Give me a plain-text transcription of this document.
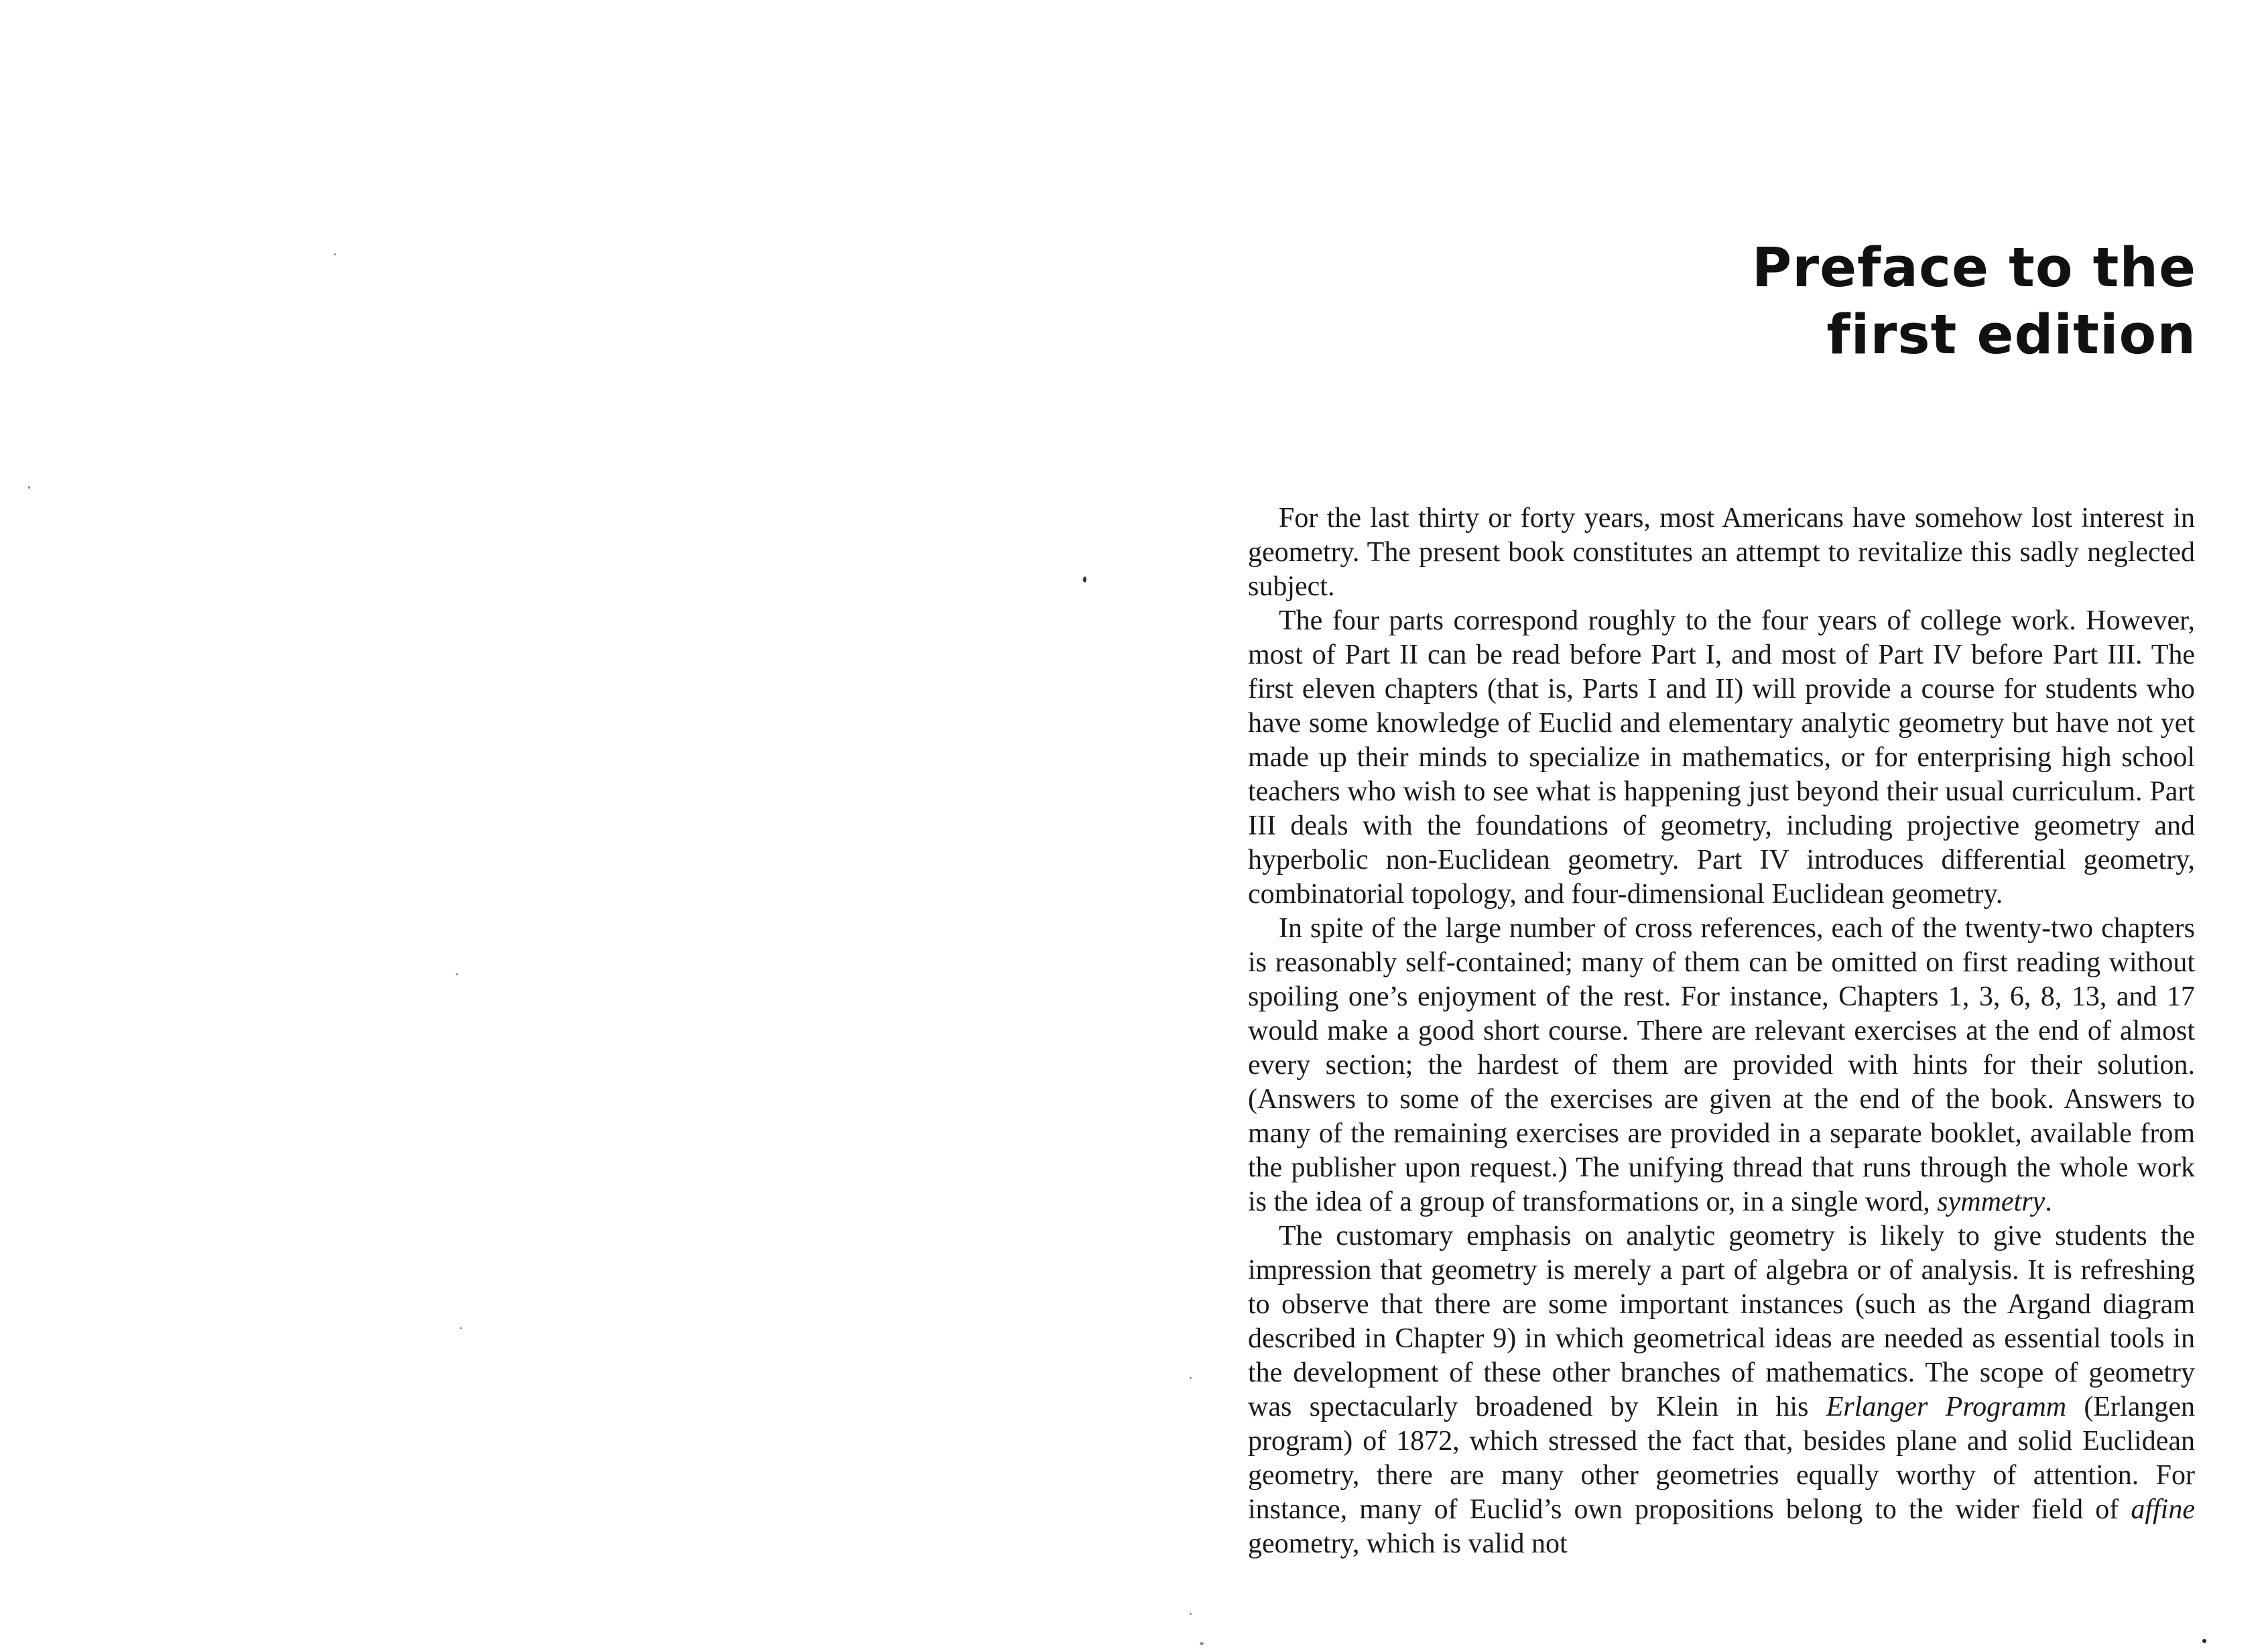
Preface to the
first edition

For the last thirty or forty years, most Americans have somehow lost interest in geometry. The present book constitutes an attempt to revitalize this sadly neglected subject.

The four parts correspond roughly to the four years of college work. However, most of Part II can be read before Part I, and most of Part IV before Part III. The first eleven chapters (that is, Parts I and II) will provide a course for students who have some knowledge of Euclid and elementary analytic geometry but have not yet made up their minds to specialize in mathematics, or for enterprising high school teachers who wish to see what is happening just beyond their usual curriculum. Part III deals with the foundations of geometry, including projective geometry and hyperbolic non-Euclidean geometry. Part IV introduces differential geometry, combinatorial topology, and four-dimensional Euclidean geometry.

In spite of the large number of cross references, each of the twenty-two chapters is reasonably self-contained; many of them can be omitted on first reading without spoiling one’s enjoyment of the rest. For instance, Chapters 1, 3, 6, 8, 13, and 17 would make a good short course. There are relevant exercises at the end of almost every section; the hardest of them are provided with hints for their solution. (Answers to some of the exercises are given at the end of the book. Answers to many of the remaining exercises are provided in a separate booklet, available from the publisher upon request.) The unifying thread that runs through the whole work is the idea of a group of transformations or, in a single word, symmetry.

The customary emphasis on analytic geometry is likely to give students the impression that geometry is merely a part of algebra or of analysis. It is refreshing to observe that there are some important instances (such as the Argand diagram described in Chapter 9) in which geometrical ideas are needed as essential tools in the development of these other branches of mathematics. The scope of geometry was spectacularly broadened by Klein in his Erlanger Programm (Erlangen program) of 1872, which stressed the fact that, besides plane and solid Euclidean geometry, there are many other geometries equally worthy of attention. For instance, many of Euclid’s own propositions belong to the wider field of affine geometry, which is valid not
